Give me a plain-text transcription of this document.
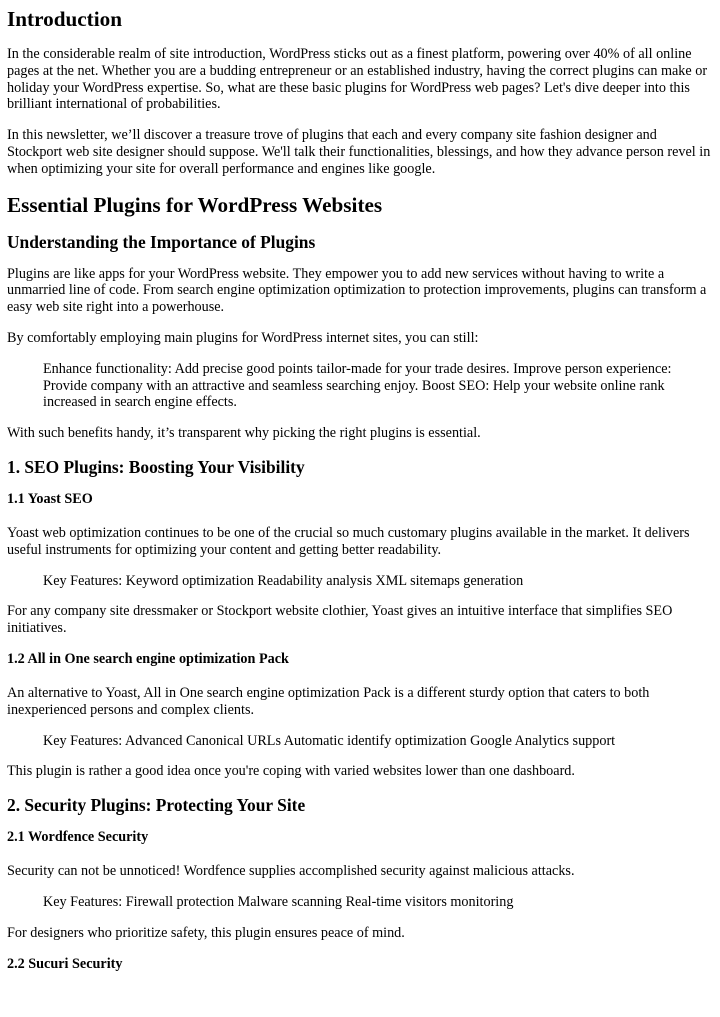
Introduction

In the considerable realm of site introduction, WordPress sticks out as a finest platform, powering over 40% of all online pages at the net. Whether you are a budding entrepreneur or an established industry, having the correct plugins can make or holiday your WordPress expertise. So, what are these basic plugins for WordPress web pages? Let's dive deeper into this brilliant international of probabilities.

In this newsletter, we’ll discover a treasure trove of plugins that each and every company site fashion designer and Stockport web site designer should suppose. We'll talk their functionalities, blessings, and how they advance person revel in when optimizing your site for overall performance and engines like google.

Essential Plugins for WordPress Websites
Understanding the Importance of Plugins

Plugins are like apps for your WordPress website. They empower you to add new services without having to write a unmarried line of code. From search engine optimization optimization to protection improvements, plugins can transform a easy web site right into a powerhouse.

By comfortably employing main plugins for WordPress internet sites, you can still:

Enhance functionality: Add precise good points tailor-made for your trade desires. Improve person experience: Provide company with an attractive and seamless searching enjoy. Boost SEO: Help your website online rank increased in search engine effects.

With such benefits handy, it’s transparent why picking the right plugins is essential.

1. SEO Plugins: Boosting Your Visibility
1.1 Yoast SEO

Yoast web optimization continues to be one of the crucial so much customary plugins available in the market. It delivers useful instruments for optimizing your content and getting better readability.

Key Features: Keyword optimization Readability analysis XML sitemaps generation

For any company site dressmaker or Stockport website clothier, Yoast gives an intuitive interface that simplifies SEO initiatives.

1.2 All in One search engine optimization Pack

An alternative to Yoast, All in One search engine optimization Pack is a different sturdy option that caters to both inexperienced persons and complex clients.

Key Features: Advanced Canonical URLs Automatic identify optimization Google Analytics support

This plugin is rather a good idea once you're coping with varied websites lower than one dashboard.

2. Security Plugins: Protecting Your Site
2.1 Wordfence Security

Security can not be unnoticed! Wordfence supplies accomplished security against malicious attacks.

Key Features: Firewall protection Malware scanning Real-time visitors monitoring

For designers who prioritize safety, this plugin ensures peace of mind.

2.2 Sucuri Security
